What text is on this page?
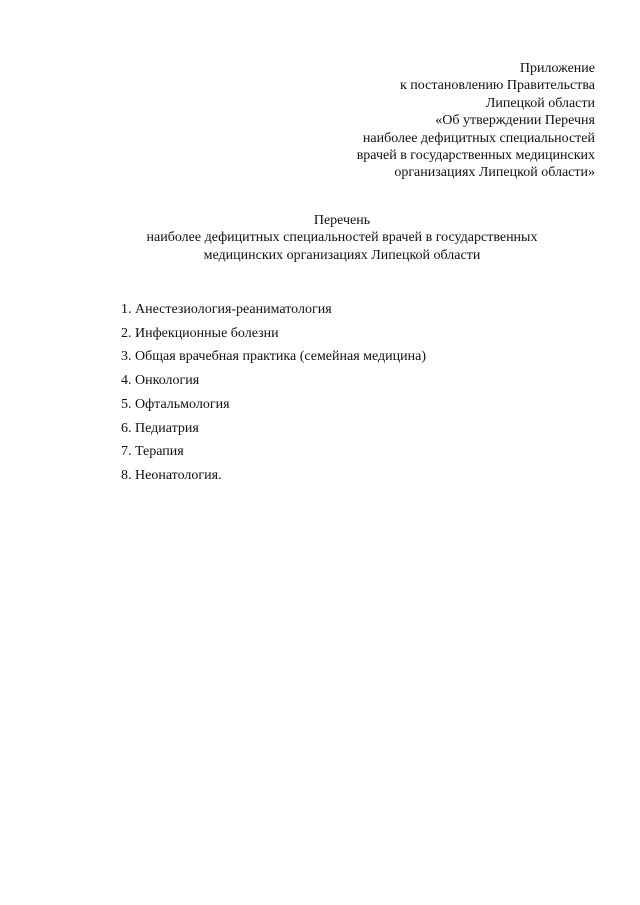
Приложение
к постановлению Правительства
Липецкой области
«Об утверждении Перечня
наиболее дефицитных специальностей
врачей в государственных медицинских
организациях Липецкой области»
Перечень
наиболее дефицитных специальностей врачей в государственных
медицинских организациях Липецкой области
1. Анестезиология-реаниматология
2. Инфекционные болезни
3. Общая врачебная практика (семейная медицина)
4. Онкология
5. Офтальмология
6. Педиатрия
7. Терапия
8. Неонатология.
